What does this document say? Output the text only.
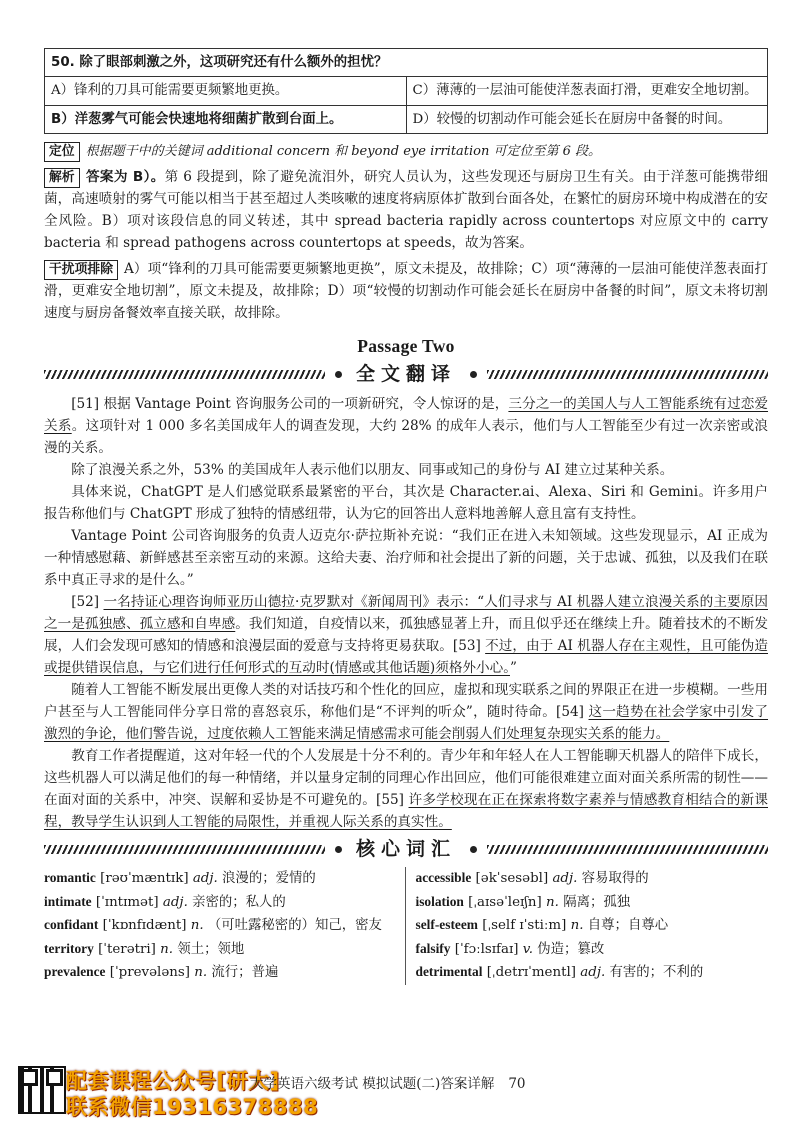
50. 除了眼部刺激之外，这项研究还有什么额外的担忧？	
A）锋利的刀具可能需要更频繁地更换。	C）薄薄的一层油可能使洋葱表面打滑，更难安全地切割。
B）洋葱雾气可能会快速地将细菌扩散到台面上。	D）较慢的切割动作可能会延长在厨房中备餐的时间。

定位 根据题干中的关键词 additional concern 和 beyond eye irritation 可定位至第 6 段。

解析 答案为 B）。第 6 段提到，除了避免流泪外，研究人员认为，这些发现还与厨房卫生有关。由于洋葱可能携带细菌，高速喷射的雾气可能以相当于甚至超过人类咳嗽的速度将病原体扩散到台面各处，在繁忙的厨房环境中构成潜在的安全风险。B）项对该段信息的同义转述，其中 spread bacteria rapidly across countertops 对应原文中的 carry bacteria 和 spread pathogens across countertops at speeds，故为答案。

干扰项排除 A）项“锋利的刀具可能需要更频繁地更换”，原文未提及，故排除；C）项“薄薄的一层油可能使洋葱表面打滑，更难安全地切割”，原文未提及，故排除；D）项“较慢的切割动作可能会延长在厨房中备餐的时间”，原文未将切割速度与厨房备餐效率直接关联，故排除。

Passage Two
全文翻译

[51] 根据 Vantage Point 咨询服务公司的一项新研究，令人惊讶的是，三分之一的美国人与人工智能系统有过恋爱关系。这项针对 1 000 多名美国成年人的调查发现，大约 28% 的成年人表示，他们与人工智能至少有过一次亲密或浪漫的关系。

除了浪漫关系之外，53% 的美国成年人表示他们以朋友、同事或知己的身份与 AI 建立过某种关系。

具体来说，ChatGPT 是人们感觉联系最紧密的平台，其次是 Character.ai、Alexa、Siri 和 Gemini。许多用户报告称他们与 ChatGPT 形成了独特的情感纽带，认为它的回答出人意料地善解人意且富有支持性。

Vantage Point 公司咨询服务的负责人迈克尔·萨拉斯补充说：“我们正在进入未知领域。这些发现显示，AI 正成为一种情感慰藉、新鲜感甚至亲密互动的来源。这给夫妻、治疗师和社会提出了新的问题，关于忠诚、孤独，以及我们在联系中真正寻求的是什么。”

[52] 一名持证心理咨询师亚历山德拉·克罗默对《新闻周刊》表示：“人们寻求与 AI 机器人建立浪漫关系的主要原因之一是孤独感、孤立感和自卑感。我们知道，自疫情以来，孤独感显著上升，而且似乎还在继续上升。随着技术的不断发展，人们会发现可感知的情感和浪漫层面的爱意与支持将更易获取。[53] 不过，由于 AI 机器人存在主观性，且可能伪造或提供错误信息，与它们进行任何形式的互动时(情感或其他话题)须格外小心。”

随着人工智能不断发展出更像人类的对话技巧和个性化的回应，虚拟和现实联系之间的界限正在进一步模糊。一些用户甚至与人工智能同伴分享日常的喜怒哀乐，称他们是“不评判的听众”，随时待命。[54] 这一趋势在社会学家中引发了激烈的争论，他们警告说，过度依赖人工智能来满足情感需求可能会削弱人们处理复杂现实关系的能力。

教育工作者提醒道，这对年轻一代的个人发展是十分不利的。青少年和年轻人在人工智能聊天机器人的陪伴下成长，这些机器人可以满足他们的每一种情绪，并以量身定制的同理心作出回应，他们可能很难建立面对面关系所需的韧性——在面对面的关系中，冲突、误解和妥协是不可避免的。[55] 许多学校现在正在探索将数字素养与情感教育相结合的新课程，教导学生认识到人工智能的局限性，并重视人际关系的真实性。

核心词汇
romantic [rəʊˈmæntɪk] adj. 浪漫的；爱情的
intimate [ˈɪntɪmət] adj. 亲密的；私人的
confidant [ˈkɒnfɪdænt] n. （可吐露秘密的）知己，密友
territory [ˈterətri] n. 领土；领地
prevalence [ˈprevələns] n. 流行；普遍
accessible [əkˈsesəbl] adj. 容易取得的
isolation [ˌaɪsəˈleɪʃn] n. 隔离；孤独
self-esteem [ˌself ɪˈstiːm] n. 自尊；自尊心
falsify [ˈfɔːlsɪfaɪ] v. 伪造；篡改
detrimental [ˌdetrɪˈmentl] adj. 有害的；不利的
配套课程公众号[研大]
联系微信19316378888
大学英语六级考试 模拟试题(二)答案详解 70
